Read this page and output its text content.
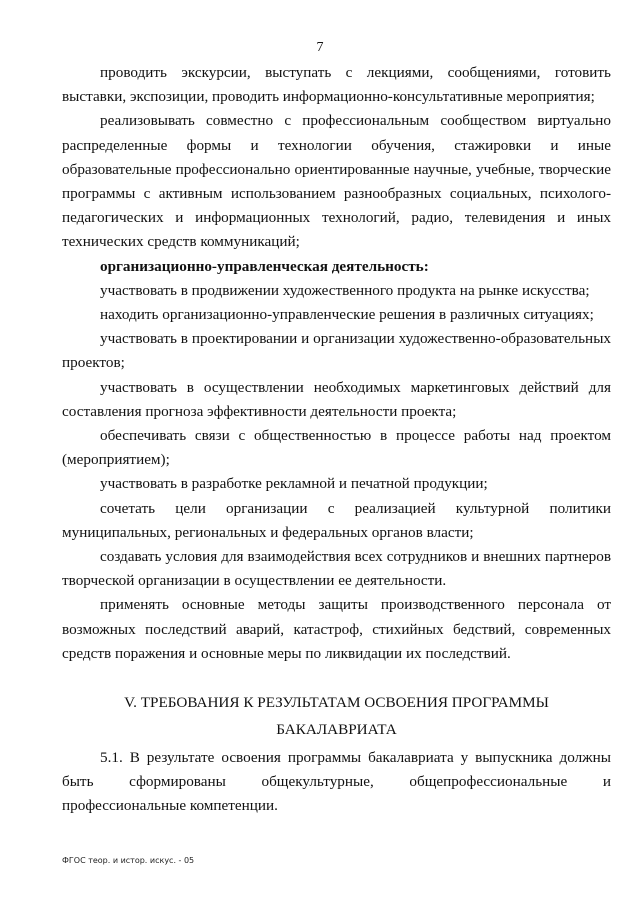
7

проводить экскурсии, выступать с лекциями, сообщениями, готовить выставки, экспозиции, проводить информационно-консультативные мероприятия;

реализовывать совместно с профессиональным сообществом виртуально распределенные формы и технологии обучения, стажировки и иные образовательные профессионально ориентированные научные, учебные, творческие программы с активным использованием разнообразных социальных, психолого-педагогических и информационных технологий, радио, телевидения и иных технических средств коммуникаций;

организационно-управленческая деятельность:

участвовать в продвижении художественного продукта на рынке искусства;

находить организационно-управленческие решения в различных ситуациях;

участвовать в проектировании и организации художественно-образовательных проектов;

участвовать в осуществлении необходимых маркетинговых действий для составления прогноза эффективности деятельности проекта;

обеспечивать связи с общественностью в процессе работы над проектом (мероприятием);

участвовать в разработке рекламной и печатной продукции;

сочетать цели организации с реализацией культурной политики муниципальных, региональных и федеральных органов власти;

создавать условия для взаимодействия всех сотрудников и внешних партнеров творческой организации в осуществлении ее деятельности.

применять основные методы защиты производственного персонала от возможных последствий аварий, катастроф, стихийных бедствий, современных средств поражения и основные меры по ликвидации их последствий.

V. ТРЕБОВАНИЯ К РЕЗУЛЬТАТАМ ОСВОЕНИЯ ПРОГРАММЫ
БАКАЛАВРИАТА

5.1. В результате освоения программы бакалавриата у выпускника должны быть сформированы общекультурные, общепрофессиональные и профессиональные компетенции.

ФГОС теор. и истор. искус. - 05
